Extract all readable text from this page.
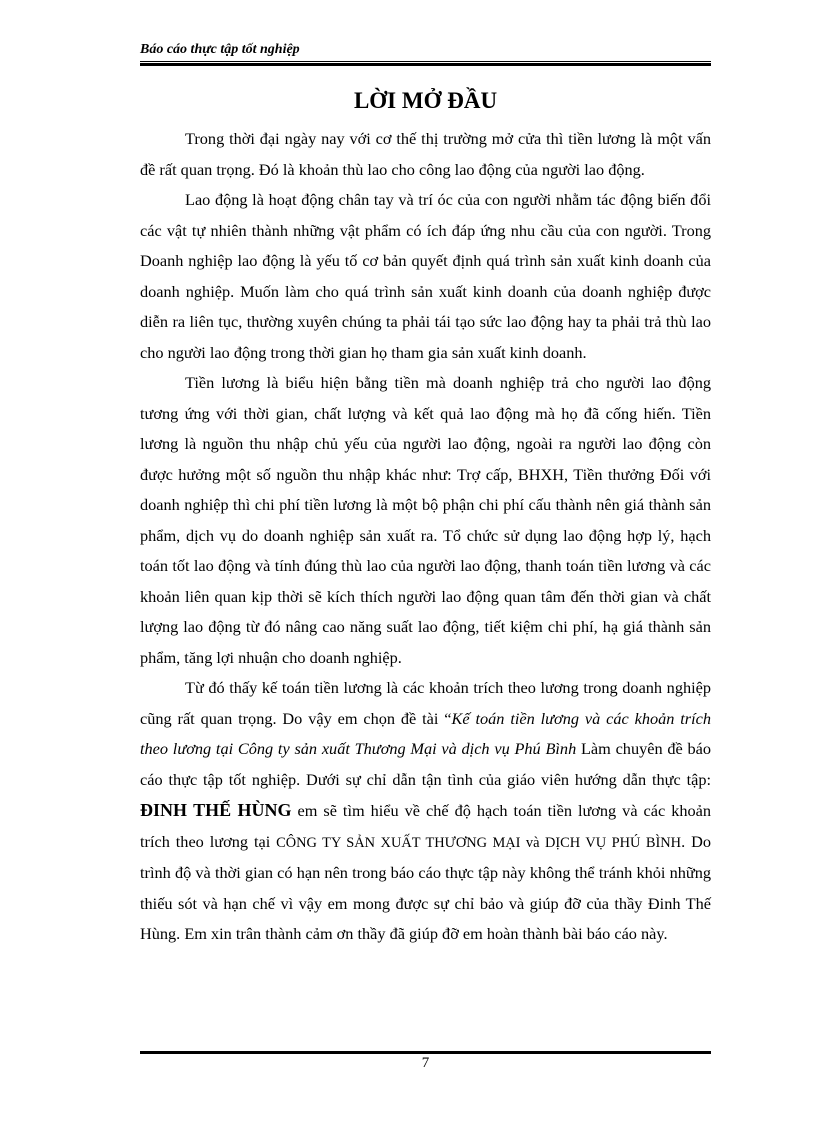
Báo cáo thực tập tốt nghiệp
LỜI MỞ ĐẦU

Trong thời đại ngày nay với cơ thế thị trường mở cửa thì tiền lương là một vấn đề rất quan trọng. Đó là khoản thù lao cho công lao động của người lao động.

Lao động là hoạt động chân tay và trí óc của con người nhằm tác động biến đổi các vật tự nhiên thành những vật phẩm có ích đáp ứng nhu cầu của con người. Trong Doanh nghiệp lao động là yếu tố cơ bản quyết định quá trình sản xuất kinh doanh của doanh nghiệp. Muốn làm cho quá trình sản xuất kinh doanh của doanh nghiệp được diễn ra liên tục, thường xuyên chúng ta phải tái tạo sức lao động hay ta phải trả thù lao cho người lao động trong thời gian họ tham gia sản xuất kinh doanh.

Tiền lương là biểu hiện bằng tiền mà doanh nghiệp trả cho người lao động tương ứng với thời gian, chất lượng và kết quả lao động mà họ đã cống hiến. Tiền lương là nguồn thu nhập chủ yếu của người lao động, ngoài ra người lao động còn được hưởng một số nguồn thu nhập khác như: Trợ cấp, BHXH, Tiền thưởng Đối với doanh nghiệp thì chi phí tiền lương là một bộ phận chi phí cấu thành nên giá thành sản phẩm, dịch vụ do doanh nghiệp sản xuất ra. Tổ chức sử dụng lao động hợp lý, hạch toán tốt lao động và tính đúng thù lao của người lao động, thanh toán tiền lương và các khoản liên quan kịp thời sẽ kích thích người lao động quan tâm đến thời gian và chất lượng lao động từ đó nâng cao năng suất lao động, tiết kiệm chi phí, hạ giá thành sản phẩm, tăng lợi nhuận cho doanh nghiệp.

Từ đó thấy kế toán tiền lương là các khoản trích theo lương trong doanh nghiệp cũng rất quan trọng. Do vậy em chọn đề tài “Kế toán tiền lương và các khoản trích theo lương tại Công ty sản xuất Thương Mại và dịch vụ Phú Bình Làm chuyên đề báo cáo thực tập tốt nghiệp. Dưới sự chỉ dẫn tận tình của giáo viên hướng dẫn thực tập: ĐINH THẾ HÙNG em sẽ tìm hiểu về chế độ hạch toán tiền lương và các khoản trích theo lương tại CÔNG TY SẢN XUẤT THƯƠNG MẠI và DỊCH VỤ PHÚ BÌNH. Do trình độ và thời gian có hạn nên trong báo cáo thực tập này không thể tránh khỏi những thiếu sót và hạn chế vì vậy em mong được sự chỉ bảo và giúp đỡ của thầy Đinh Thế Hùng. Em xin trân thành cảm ơn thầy đã giúp đỡ em hoàn thành bài báo cáo này.

7
